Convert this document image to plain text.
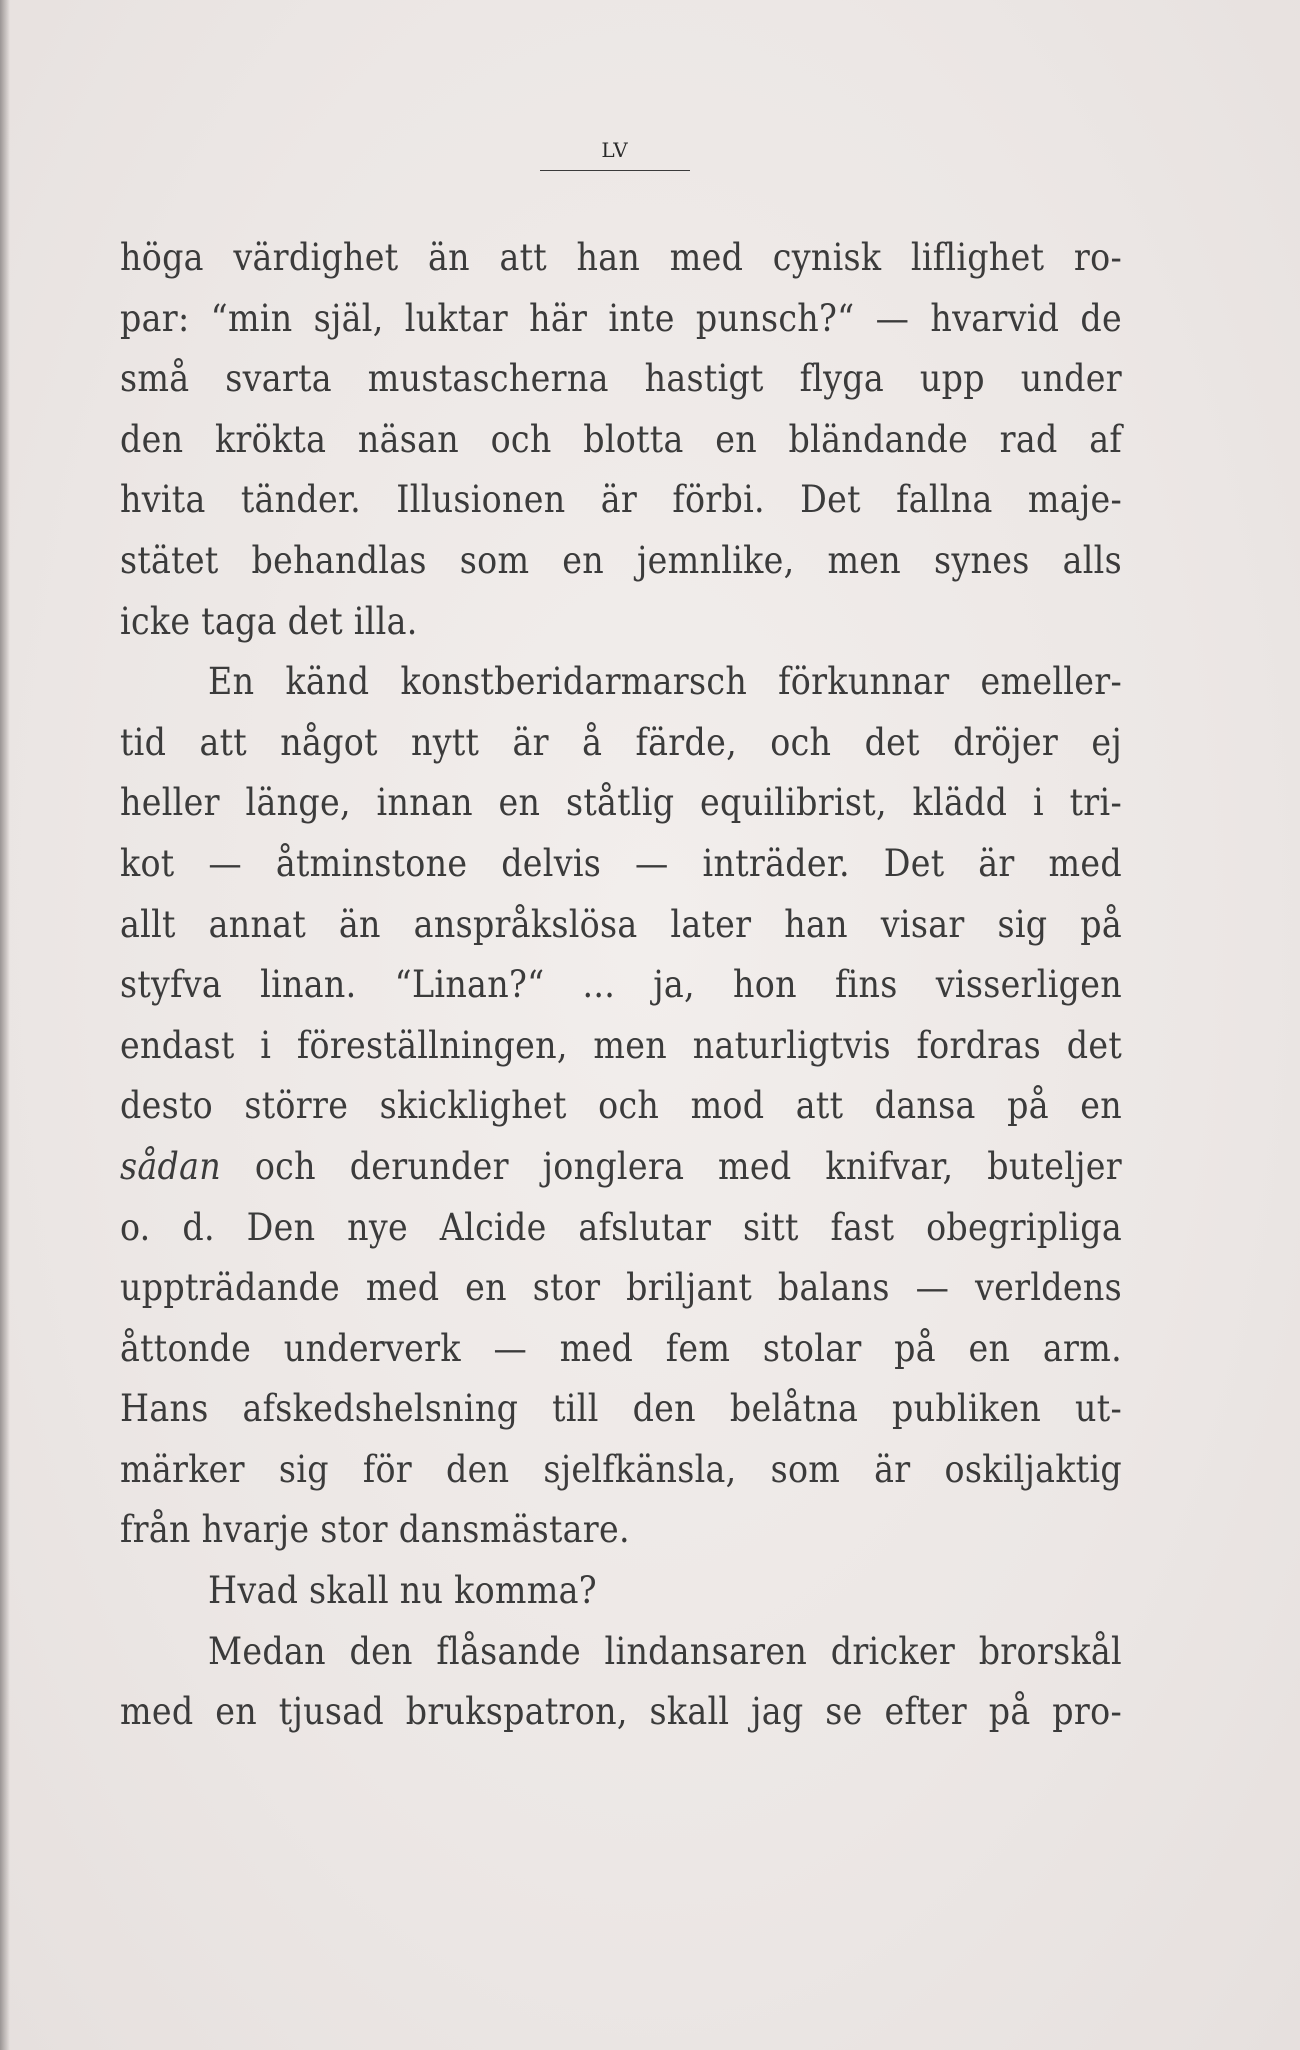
LV
höga värdighet än att han med cynisk liflighet ro-
par: “min själ, luktar här inte punsch?“ — hvarvid de
små svarta mustascherna hastigt flyga upp under
den krökta näsan och blotta en bländande rad af
hvita tänder. Illusionen är förbi. Det fallna maje-
stätet behandlas som en jemnlike, men synes alls
icke taga det illa.
En känd konstberidarmarsch förkunnar emeller-
tid att något nytt är å färde, och det dröjer ej
heller länge, innan en ståtlig equilibrist, klädd i tri-
kot — åtminstone delvis — inträder. Det är med
allt annat än anspråkslösa later han visar sig på
styfva linan. “Linan?“ ... ja, hon fins visserligen
endast i föreställningen, men naturligtvis fordras det
desto större skicklighet och mod att dansa på en
sådan och derunder jonglera med knifvar, buteljer
o. d. Den nye Alcide afslutar sitt fast obegripliga
uppträdande med en stor briljant balans — verldens
åttonde underverk — med fem stolar på en arm.
Hans afskedshelsning till den belåtna publiken ut-
märker sig för den sjelfkänsla, som är oskiljaktig
från hvarje stor dansmästare.
Hvad skall nu komma?
Medan den flåsande lindansaren dricker brorskål
med en tjusad brukspatron, skall jag se efter på pro-
